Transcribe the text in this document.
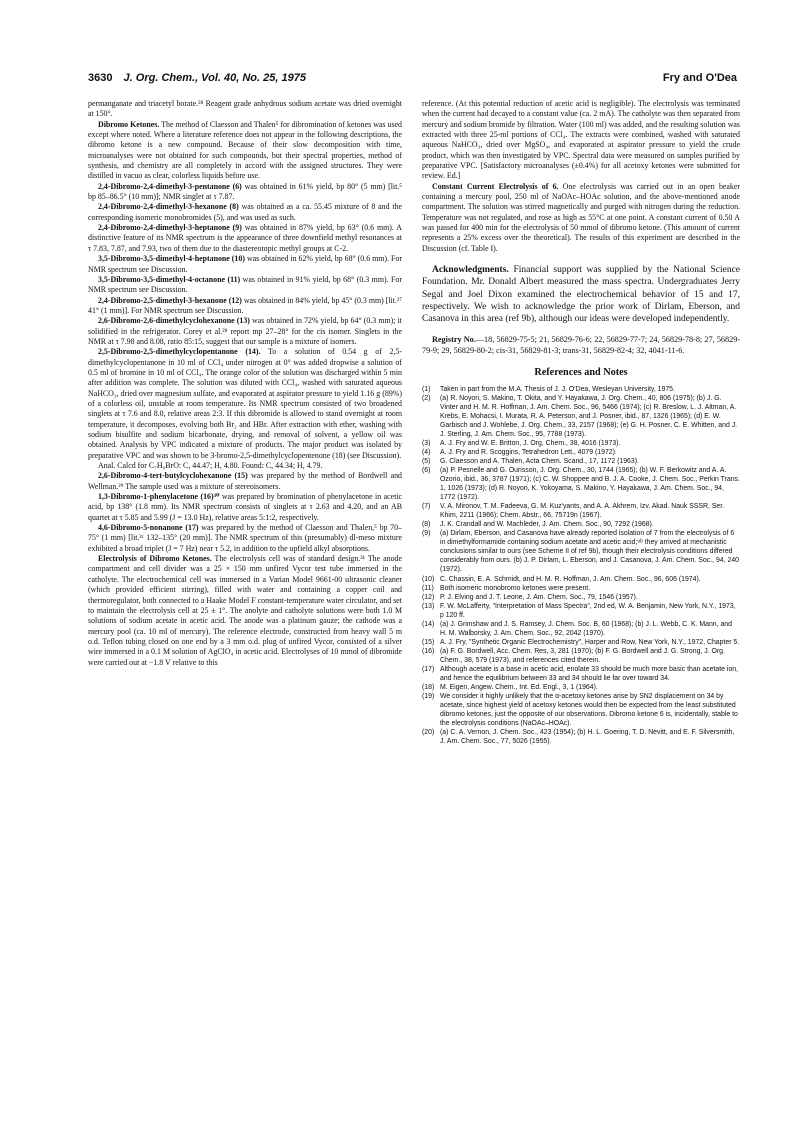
3630 J. Org. Chem., Vol. 40, No. 25, 1975	Fry and O'Dea

permanganate and triacetyl borate.²⁸ Reagent grade anhydrous sodium acetate was dried overnight at 150°.

Dibromo Ketones. The method of Claesson and Thalen⁵ for dibromination of ketones was used except where noted. Where a literature reference does not appear in the following descriptions, the dibromo ketone is a new compound. Because of their slow decomposition with time, microanalyses were not obtained for such compounds, but their spectral properties, method of synthesis, and chemistry are all completely in accord with the assigned structures. They were distilled in vacuo as clear, colorless liquids before use.

2,4-Dibromo-2,4-dimethyl-3-pentanone (6) was obtained in 61% yield, bp 80° (5 mm) [lit.⁵ bp 85–86.5° (10 mm)]; NMR singlet at τ 7.87.

2,4-Dibromo-2,4-dimethyl-3-hexanone (8) was obtained as a ca. 55.45 mixture of 8 and the corresponding isomeric monobromides (5), and was used as such.

2,4-Dibromo-2,4-dimethyl-3-heptanone (9) was obtained in 87% yield, bp 63° (0.6 mm). A distinctive feature of its NMR spectrum is the appearance of three downfield methyl resonances at τ 7.83, 7.87, and 7.93, two of them due to the diastereotopic methyl groups at C-2.

3,5-Dibromo-3,5-dimethyl-4-heptanone (10) was obtained in 62% yield, bp 68° (0.6 mm). For NMR spectrum see Discussion.

3,5-Dibromo-3,5-dimethyl-4-octanone (11) was obtained in 91% yield, bp 68° (0.3 mm). For NMR spectrum see Discussion.

2,4-Dibromo-2,5-dimethyl-3-hexanone (12) was obtained in 84% yield, bp 45° (0.3 mm) [lit.²⁷ 41° (1 mm)]. For NMR spectrum see Discussion.

2,6-Dibromo-2,6-dimethylcyclohexanone (13) was obtained in 72% yield, bp 64° (0.3 mm); it solidified in the refrigerator. Corey et al.²⁸ report mp 27–28° for the cis isomer. Singlets in the NMR at τ 7.98 and 8.08, ratio 85:15, suggest that our sample is a mixture of isomers.

2,5-Dibromo-2,5-dimethylcyclopentanone (14). To a solution of 0.54 g of 2,5-dimethylcyclopentanone in 10 ml of CCl₄ under nitrogen at 0° was added dropwise a solution of 0.5 ml of bromine in 10 ml of CCl₄. The orange color of the solution was discharged within 5 min after addition was complete. The solution was diluted with CCl₄, washed with saturated aqueous NaHCO₃, dried over magnesium sulfate, and evaporated at aspirator pressure to yield 1.16 g (89%) of a colorless oil, unstable at room temperature. Its NMR spectrum consisted of two broadened singlets at τ 7.6 and 8.0, relative areas 2:3. If this dibromide is allowed to stand overnight at room temperature, it decomposes, evolving both Br₂ and HBr. After extraction with ether, washing with sodium bisulfite and sodium bicarbonate, drying, and removal of solvent, a yellow oil was obtained. Analysis by VPC indicated a mixture of products. The major product was isolated by preparative VPC and was shown to be 3-bromo-2,5-dimethylcyclopentenone (18) (see Discussion).

Anal. Calcd for C₇H₉BrO: C, 44.47; H, 4.80. Found: C, 44.34; H, 4.79.

2,6-Dibromo-4-tert-butylcyclohexanone (15) was prepared by the method of Bordwell and Wellman.²⁹ The sample used was a mixture of stereoisomers.

1,3-Dibromo-1-phenylacetone (16)³⁰ was prepared by bromination of phenylacetone in acetic acid, bp 138° (1.8 mm). Its NMR spectrum consists of singlets at τ 2.63 and 4.20, and an AB quartet at τ 5.85 and 5.99 (J = 13.0 Hz), relative areas 5:1:2, respectively.

4,6-Dibromo-5-nonanone (17) was prepared by the method of Claesson and Thalen,⁵ bp 70–75° (1 mm) [lit.²ᶜ 132–135° (20 mm)]. The NMR spectrum of this (presumably) dl-meso mixture exhibited a broad triplet (J = 7 Hz) near τ 5.2, in addition to the upfield alkyl absorptions.

Electrolysis of Dibromo Ketones. The electrolysis cell was of standard design.³¹ The anode compartment and cell divider was a 25 × 150 mm unfired Vycor test tube immersed in the catholyte. The electrochemical cell was immersed in a Varian Model 9661-00 ultrasonic cleaner (which provided efficient stirring), filled with water and containing a copper coil and thermoregulator, both connected to a Haake Model F constant-temperature water circulator, and set to maintain the electrolysis cell at 25 ± 1°. The anolyte and catholyte solutions were both 1.0 M solutions of sodium acetate in acetic acid. The anode was a platinum gauze; the cathode was a mercury pool (ca. 10 ml of mercury). The reference electrode, constructed from heavy wall 5 m o.d. Teflon tubing closed on one end by a 3 mm o.d. plug of unfired Vycor, consisted of a silver wire immersed in a 0.1 M solution of AgClO₄ in acetic acid. Electrolyses of 10 mmol of dibromide were carried out at −1.8 V relative to this

reference. (At this potential reduction of acetic acid is negligible). The electrolysis was terminated when the current had decayed to a constant value (ca. 2 mA). The catholyte was then separated from mercury and sodium bromide by filtration. Water (100 ml) was added, and the resulting solution was extracted with three 25-ml portions of CCl₄. The extracts were combined, washed with saturated aqueous NaHCO₃, dried over MgSO₄, and evaporated at aspirator pressure to yield the crude product, which was then investigated by VPC. Spectral data were measured on samples purified by preparative VPC. [Satisfactory microanalyses (±0.4%) for all acetoxy ketones were submitted for review. Ed.]

Constant Current Electrolysis of 6. One electrolysis was carried out in an open beaker containing a mercury pool, 250 ml of NaOAc–HOAc solution, and the above-mentioned anode compartment. The solution was stirred magnetically and purged with nitrogen during the reduction. Temperature was not regulated, and rose as high as 55°C at one point. A constant current of 0.50 A was passed for 400 min for the electrolysis of 50 mmol of dibromo ketone. (This amount of current represents a 25% excess over the theoretical). The results of this experiment are described in the Discussion (cf. Table I).

Acknowledgments. Financial support was supplied by the National Science Foundation. Mr. Donald Albert measured the mass spectra. Undergraduates Jerry Segal and Joel Dixon examined the electrochemical behavior of 15 and 17, respectively. We wish to acknowledge the prior work of Dirlam, Eberson, and Casanova in this area (ref 9b), although our ideas were developed independently.

Registry No.—18, 56829-75-5; 21, 56829-76-6; 22, 56829-77-7; 24, 56829-78-8; 27, 56829-79-9; 29, 56829-80-2; cis-31, 56829-81-3; trans-31, 56829-82-4; 32, 4041-11-6.

References and Notes
(1)	Taken in part from the M.A. Thesis of J. J. O'Dea, Wesleyan University, 1975.
(2)	(a) R. Noyori, S. Makino, T. Okita, and Y. Hayakawa, J. Org. Chem., 40, 806 (1975); (b) J. G. Vinter and H. M. R. Hoffman, J. Am. Chem. Soc., 96, 5466 (1974); (c) R. Breslow, L. J. Altman, A. Krebs, E. Mohacsi, I. Murata, R. A. Peterson, and J. Posner, ibid., 87, 1326 (1965); (d) E. W. Garbisch and J. Wohlebe, J. Org. Chem., 33, 2157 (1968); (e) G. H. Posner, C. E. Whitten, and J. J. Sterling, J. Am. Chem. Soc., 95, 7788 (1973).
(3)	A. J. Fry and W. E. Britton, J. Org. Chem., 38, 4016 (1973).
(4)	A. J. Fry and R. Scoggins, Tetrahedron Lett., 4079 (1972).
(5)	G. Claesson and A. Thalen, Acta Chem. Scand., 17, 1172 (1963).
(6)	(a) P. Pesnelle and G. Ourisson, J. Org. Chem., 30, 1744 (1965); (b) W. F. Berkowitz and A. A. Ozorio, ibid., 36, 3787 (1971); (c) C. W. Shoppee and B. J. A. Cooke, J. Chem. Soc., Perkin Trans. 1, 1026 (1973); (d) R. Noyori, K. Yokoyama, S. Makino, Y. Hayakawa, J. Am. Chem. Soc., 94, 1772 (1972).
(7)	V. A. Mironov, T. M. Fadeeva, G. M. Kuz'yants, and A. A. Akhrem, Izv. Akad. Nauk SSSR, Ser. Khim, 2211 (1966); Chem. Abstr., 66, 75719n (1967).
(8)	J. K. Crandall and W. Machleder, J. Am. Chem. Soc., 90, 7292 (1968).
(9)	(a) Dirlam, Eberson, and Casanova have already reported isolation of 7 from the electrolysis of 6 in dimethylformamide containing sodium acetate and acetic acid;⁹ᵇ they arrived at mechanistic conclusions similar to ours (see Scheme II of ref 9b), though their electrolysis conditions differed considerably from ours. (b) J. P. Dirlam, L. Eberson, and J. Casanova, J. Am. Chem. Soc., 94, 240 (1972).
(10) C. Chassin, E. A. Schmidt, and H. M. R. Hoffman, J. Am. Chem. Soc., 96, 606 (1974).
(11) Both isomeric monobromo ketones were present.
(12) P. J. Elving and J. T. Leone, J. Am. Chem. Soc., 79, 1546 (1957).
(13) F. W. McLafferty, "Interpretation of Mass Spectra", 2nd ed, W. A. Benjamin, New York, N.Y., 1973, p 120 ff.
(14) (a) J. Grimshaw and J. S. Ramsey, J. Chem. Soc. B, 60 (1968); (b) J. L. Webb, C. K. Mann, and H. M. Walborsky, J. Am. Chem. Soc., 92, 2042 (1970).
(15) A. J. Fry, "Synthetic Organic Electrochemistry", Harper and Row, New York, N.Y., 1972, Chapter 5.
(16) (a) F. G. Bordwell, Acc. Chem. Res, 3, 281 (1970); (b) F. G. Bordwell and J. G. Strong, J. Org. Chem., 38, 579 (1973), and references cited therein.
(17) Although acetate is a base in acetic acid, enolate 33 should be much more basic than acetate ion, and hence the equilibrium between 33 and 34 should lie far over toward 34.
(18) M. Eigen, Angew. Chem., Int. Ed. Engl., 3, 1 (1964).
(19) We consider it highly unlikely that the α-acetoxy ketones arise by SN2 displacement on 34 by acetate, since highest yield of acetoxy ketones would then be expected from the least substituted dibromo ketones, just the opposite of our observations. Dibromo ketone 6 is, incidentally, stable to the electrolysis conditions (NaOAc–HOAc).
(20) (a) C. A. Vernon, J. Chem. Soc., 423 (1954); (b) H. L. Goering, T. D. Nevitt, and E. F. Silversmith, J. Am. Chem. Soc., 77, 5026 (1955).
